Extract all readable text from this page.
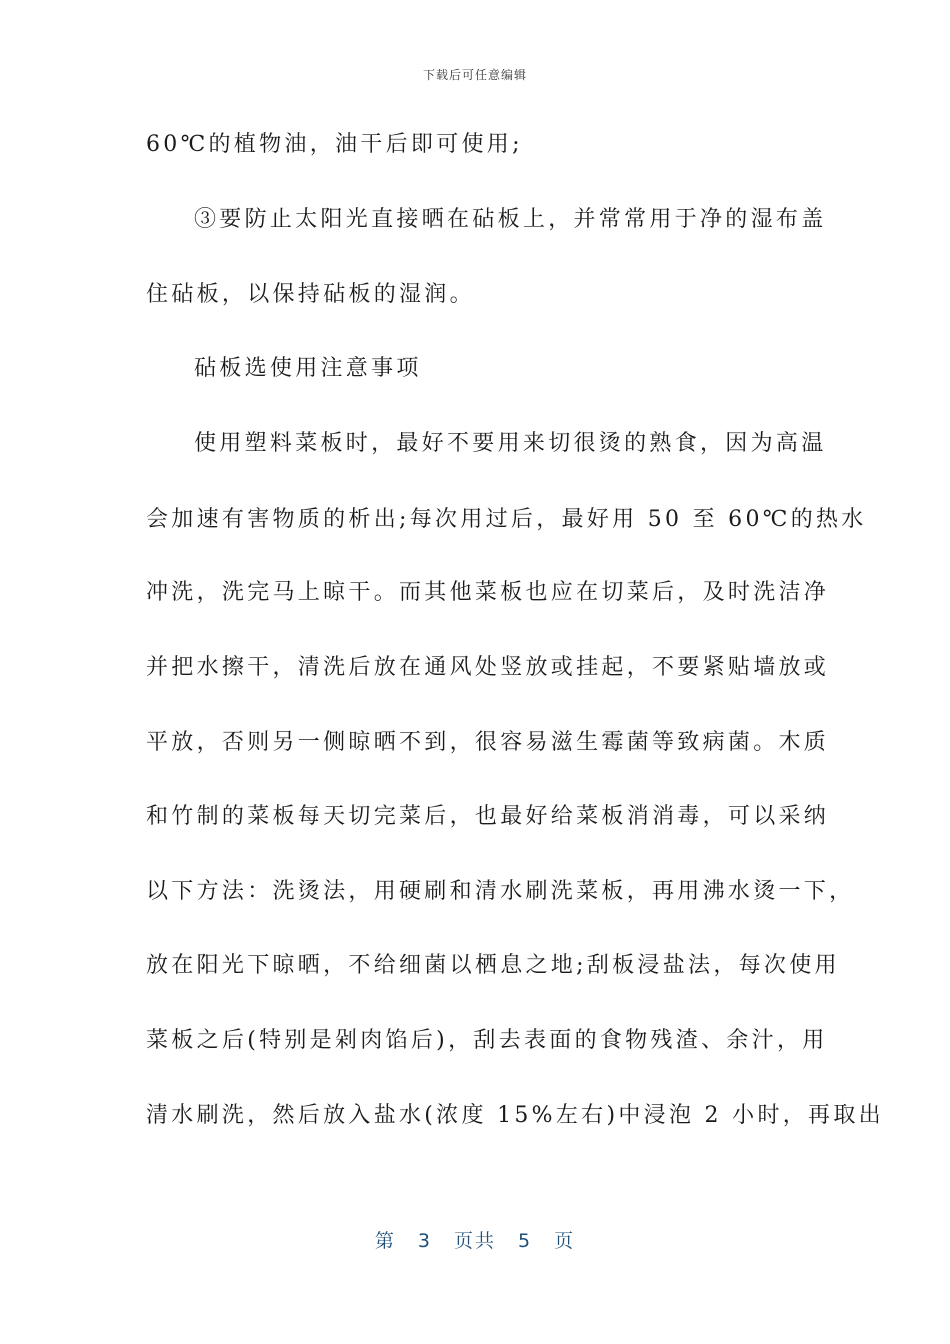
下载后可任意编辑
60℃的植物油，油干后即可使用;
③要防止太阳光直接晒在砧板上，并常常用于净的湿布盖
住砧板，以保持砧板的湿润。
砧板选使用注意事项
使用塑料菜板时，最好不要用来切很烫的熟食，因为高温
会加速有害物质的析出;每次用过后，最好用 50 至 60℃的热水
冲洗，洗完马上晾干。而其他菜板也应在切菜后，及时洗洁净
并把水擦干，清洗后放在通风处竖放或挂起，不要紧贴墙放或
平放，否则另一侧晾晒不到，很容易滋生霉菌等致病菌。木质
和竹制的菜板每天切完菜后，也最好给菜板消消毒，可以采纳
以下方法：洗烫法，用硬刷和清水刷洗菜板，再用沸水烫一下，
放在阳光下晾晒，不给细菌以栖息之地;刮板浸盐法，每次使用
菜板之后(特别是剁肉馅后)，刮去表面的食物残渣、余汁，用
清水刷洗，然后放入盐水(浓度 15%左右)中浸泡 2 小时，再取出
第 3 页共 5 页
